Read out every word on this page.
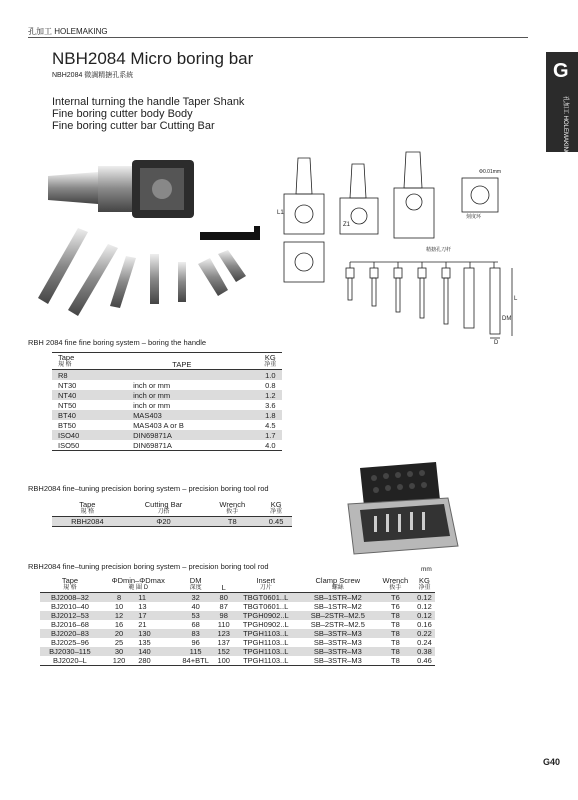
孔加工 HOLEMAKING
G
孔加工 HOLEMAKING
NBH2084 Micro boring bar
NBH2084 微調精搪孔系統
Internal turning the handle Taper Shank
Fine boring cutter body Body
Fine boring cutter bar Cutting Bar
L1
Z1
Φ0.01mm
刻度环
精搪孔刀杆
L
DM
D
RBH 2084 fine fine boring system – boring the handle
Tape
規 格	TAPE	KG
净重

R8		1.0
NT30	inch or mm	0.8
NT40	inch or mm	1.2
NT50	inch or mm	3.6
BT40	MAS403	1.8
BT50	MAS403 A or B	4.5
ISO40	DIN69871A	1.7
ISO50	DIN69871A	4.0
RBH2084 fine–tuning precision boring system – precision boring tool rod
Tape
規 格	Cutting Bar
刀搭	Wrench
扳手	KG
净重

RBH2084	Φ20	T8	0.45
RBH2084 fine–tuning precision boring system – precision boring tool rod	mm
Tape
規 格	ΦDmin–ΦDmax
範 圍 D		DM
深度	L	Insert
刀片	Clamp Screw
螺絲	Wrench
扳手	KG
净重

BJ2008–32	8	11	32	80	TBGT0601..L	SB–1STR–M2	T6	0.12
BJ2010–40	10	13	40	87	TBGT0601..L	SB–1STR–M2	T6	0.12
BJ2012–53	12	17	53	98	TPGH0902..L	SB–2STR–M2.5	T8	0.12
BJ2016–68	16	21	68	110	TPGH0902..L	SB–2STR–M2.5	T8	0.16
BJ2020–83	20	130	83	123	TPGH1103..L	SB–3STR–M3	T8	0.22
BJ2025–96	25	135	96	137	TPGH1103..L	SB–3STR–M3	T8	0.24
BJ2030–115	30	140	115	152	TPGH1103..L	SB–3STR–M3	T8	0.38
BJ2020–L	120	280	84+BTL	100	TPGH1103..L	SB–3STR–M3	T8	0.46
G40
